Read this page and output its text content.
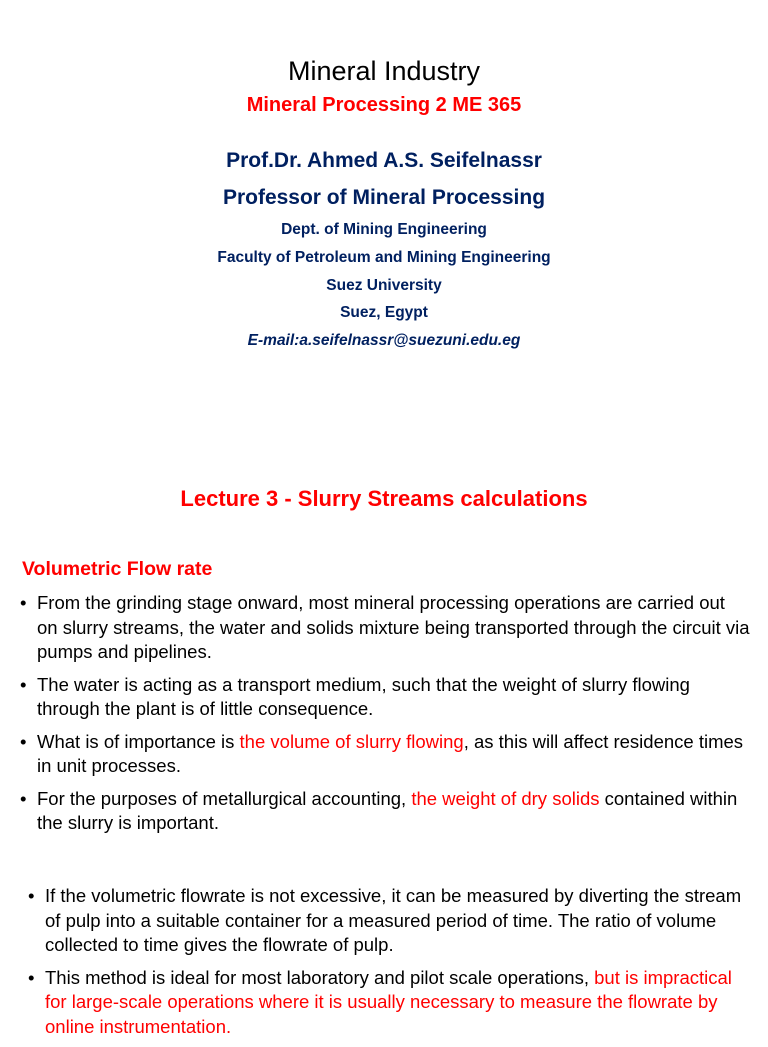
Mineral Industry
Mineral Processing 2 ME 365
Prof.Dr. Ahmed A.S. Seifelnassr
Professor of Mineral Processing
Dept. of Mining Engineering
Faculty of Petroleum and Mining Engineering
Suez University
Suez, Egypt
E-mail:a.seifelnassr@suezuni.edu.eg
Lecture 3 - Slurry Streams calculations
Volumetric Flow rate
• From the grinding stage onward, most mineral processing operations are carried out on slurry streams, the water and solids mixture being transported through the circuit via pumps and pipelines.
• The water is acting as a transport medium, such that the weight of slurry flowing through the plant is of little consequence.
• What is of importance is the volume of slurry flowing, as this will affect residence times in unit processes.
• For the purposes of metallurgical accounting, the weight of dry solids contained within the slurry is important.
• If the volumetric flowrate is not excessive, it can be measured by diverting the stream of pulp into a suitable container for a measured period of time. The ratio of volume collected to time gives the flowrate of pulp.
• This method is ideal for most laboratory and pilot scale operations, but is impractical for large-scale operations where it is usually necessary to measure the flowrate by online instrumentation.
